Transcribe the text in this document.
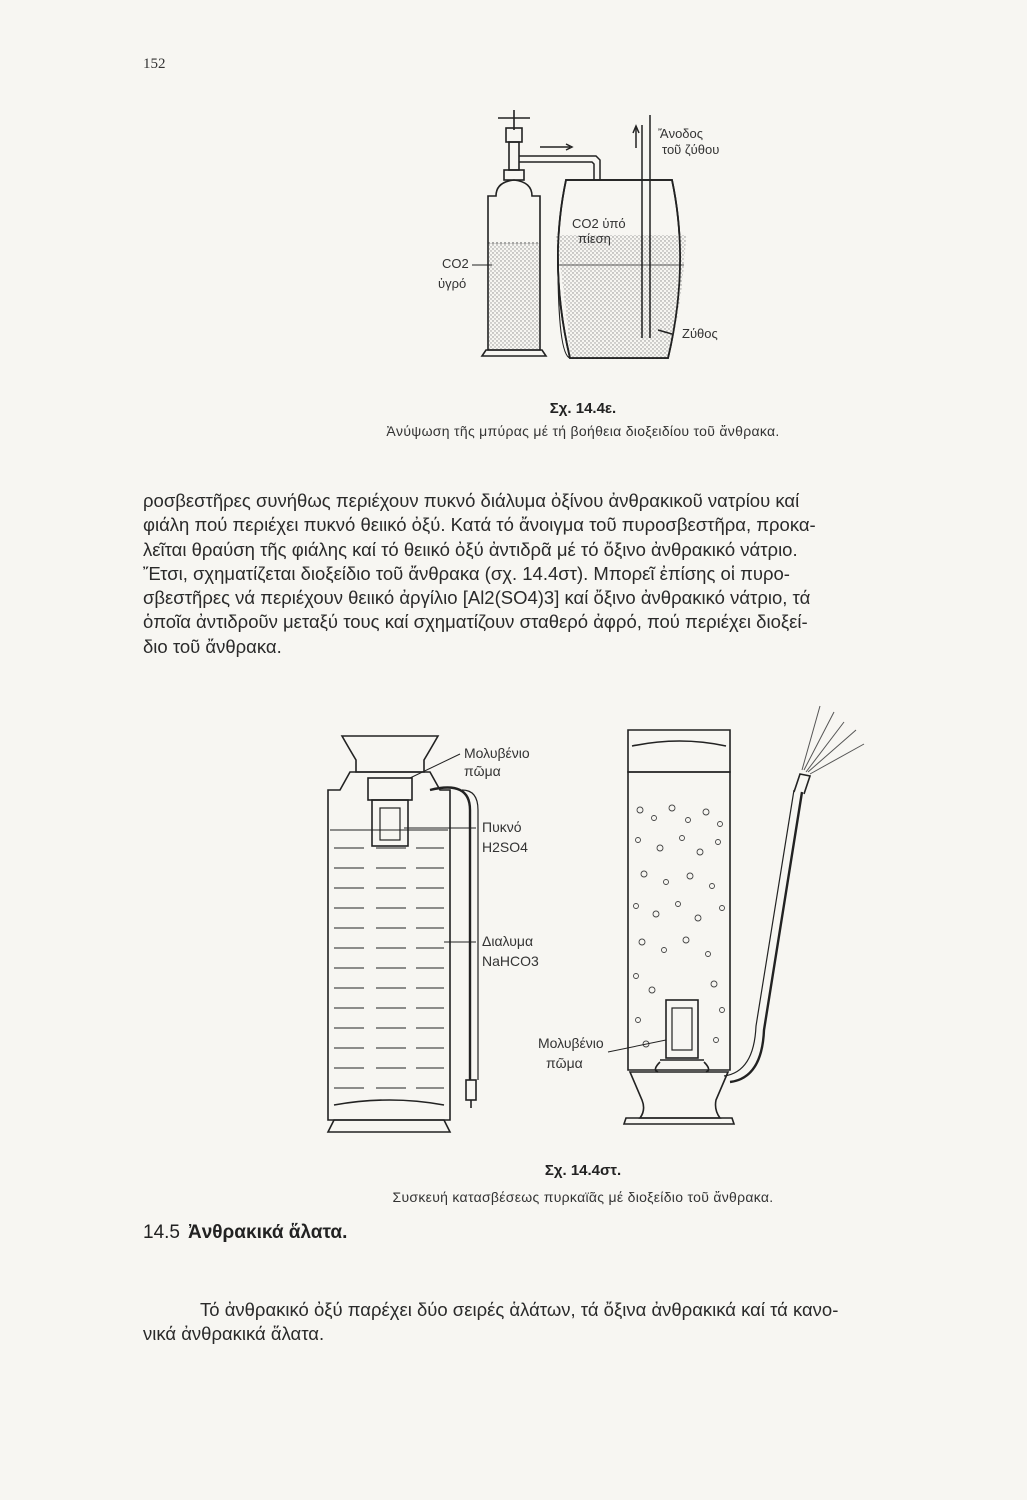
152
CO2
ὑγρό
CO2 ὑπό
πίεση
Ἄνοδος
τοῦ ζύθου
Ζύθος
Σχ. 14.4ε.
Ἀνύψωση τῆς μπύρας μέ τή βοήθεια διοξειδίου τοῦ ἄνθρακα.
ροσβεστῆρες συνήθως περιέχουν πυκνό διάλυμα ὀξίνου ἀνθρακικοῦ νατρίου καί
φιάλη πού περιέχει πυκνό θειικό ὀξύ. Κατά τό ἄνοιγμα τοῦ πυροσβεστῆρα, προκα-
λεῖται θραύση τῆς φιάλης καί τό θειικό ὀξύ ἀντιδρᾶ μέ τό ὄξινο ἀνθρακικό νάτριο.
Ἔτσι, σχηματίζεται διοξείδιο τοῦ ἄνθρακα (σχ. 14.4στ). Μπορεῖ ἐπίσης οἱ πυρο-
σβεστῆρες νά περιέχουν θειικό ἀργίλιο [Al2(SO4)3] καί ὄξινο ἀνθρακικό νάτριο, τά
ὁποῖα ἀντιδροῦν μεταξύ τους καί σχηματίζουν σταθερό ἀφρό, πού περιέχει διοξεί-
διο τοῦ ἄνθρακα.
Μολυβένιο
πῶμα
Πυκνό
H2SO4
Διαλυμα
NaHCO3
Μολυβένιο
πῶμα
Σχ. 14.4στ.
Συσκευή κατασβέσεως πυρκαϊᾶς μέ διοξείδιο τοῦ ἄνθρακα.
14.5 Ἀνθρακικά ἅλατα.
Τό ἀνθρακικό ὀξύ παρέχει δύο σειρές ἁλάτων, τά ὄξινα ἀνθρακικά καί τά κανο-
νικά ἀνθρακικά ἅλατα.
